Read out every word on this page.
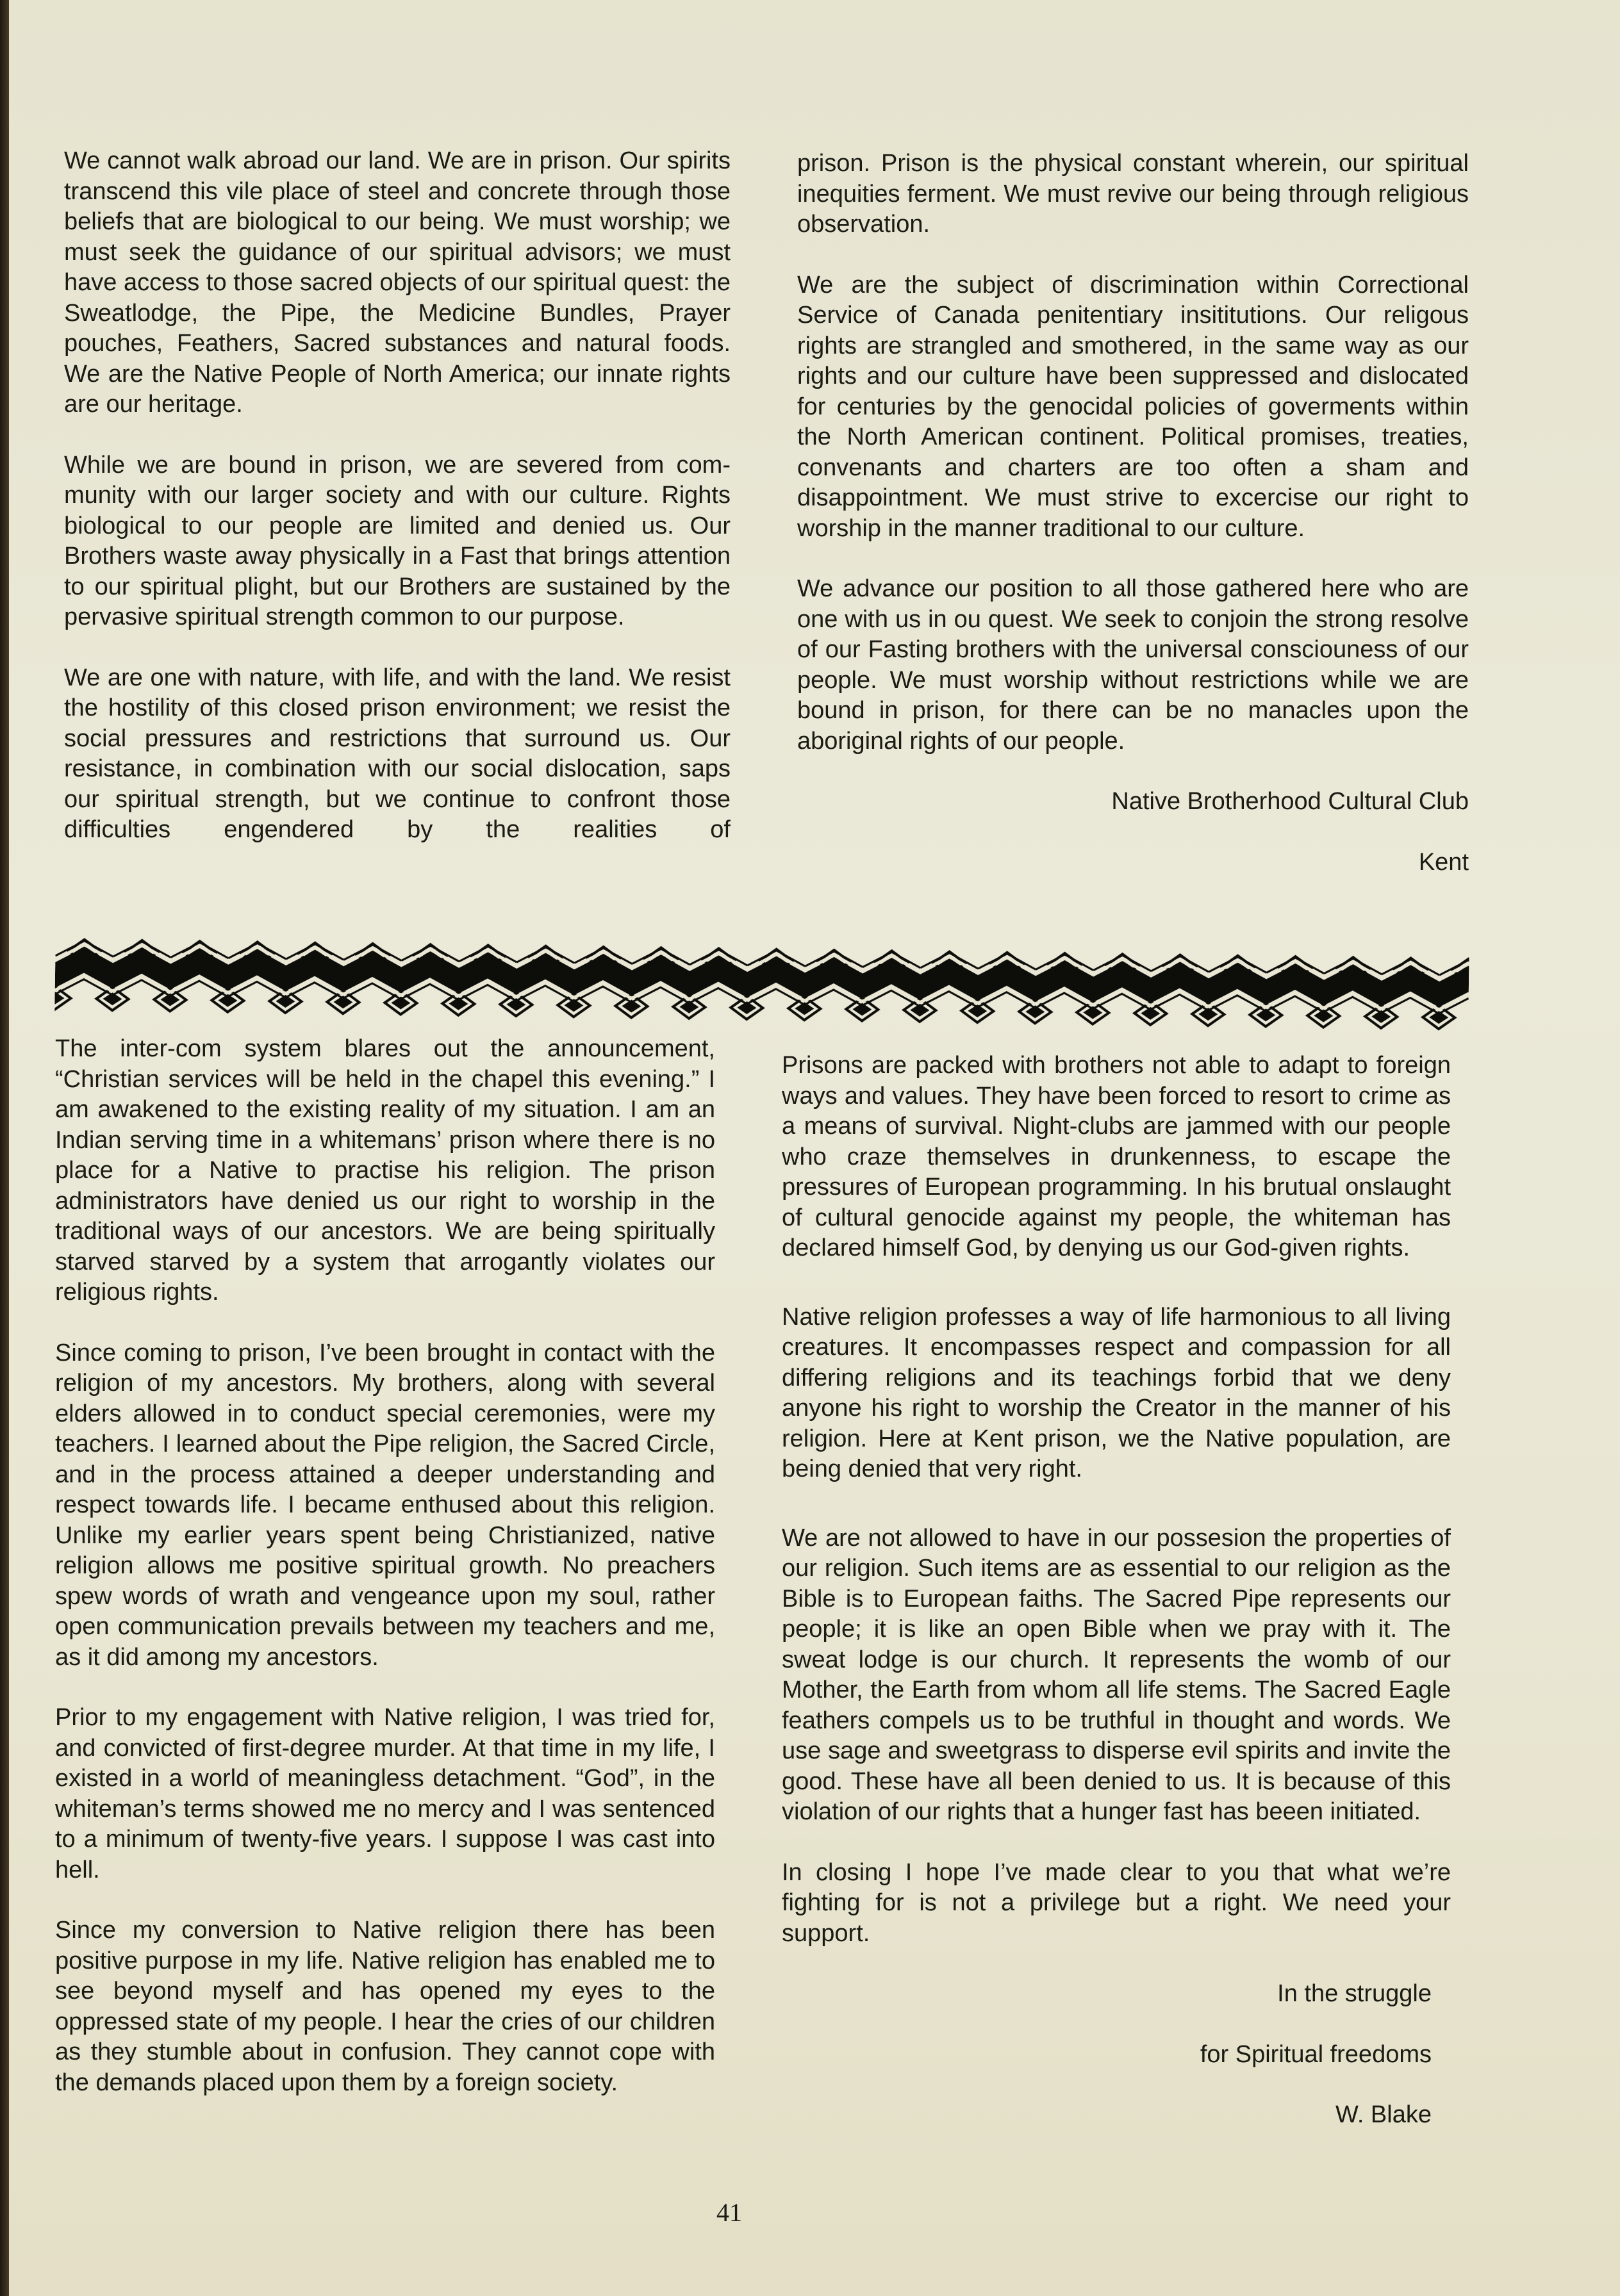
We cannot walk abroad our land. We are in prison. Our spirits transcend this vile place of steel and concrete through those beliefs that are biological to our being. We must worship; we must seek the guidance of our spiritual advisors; we must have access to those sacred objects of our spiritual quest: the Sweatlodge, the Pipe, the Medicine Bundles, Prayer pouches, Feathers, Sacred substances and natural foods. We are the Native People of North America; our innate rights are our heritage.

While we are bound in prison, we are severed from community with our larger society and with our culture. Rights biological to our people are limited and denied us. Our Brothers waste away physically in a Fast that brings attention to our spiritual plight, but our Brothers are sustained by the pervasive spiritual strength common to our purpose.

We are one with nature, with life, and with the land. We resist the hostility of this closed prison environment; we resist the social pressures and restrictions that surround us. Our resistance, in combination with our social dislocation, saps our spiritual strength, but we continue to confront those difficulties engendered by the realities of

prison. Prison is the physical constant wherein, our spiritual inequities ferment. We must revive our being through religious observation.

We are the subject of discrimination within Correctional Service of Canada penitentiary insititutions. Our religous rights are strangled and smothered, in the same way as our rights and our culture have been suppressed and dislocated for centuries by the genocidal policies of goverments within the North American continent. Political promises, treaties, convenants and charters are too often a sham and disappointment. We must strive to excercise our right to worship in the manner traditional to our culture.

We advance our position to all those gathered here who are one with us in ou quest. We seek to conjoin the strong resolve of our Fasting brothers with the universal consciouness of our people. We must worship without restrictions while we are bound in prison, for there can be no manacles upon the aboriginal rights of our people.

Native Brotherhood Cultural Club

Kent

The inter-com system blares out the announcement, “Christian services will be held in the chapel this evening.” I am awakened to the existing reality of my situation. I am an Indian serving time in a whitemans’ prison where there is no place for a Native to practise his religion. The prison administrators have denied us our right to worship in the traditional ways of our ancestors. We are being spiritually starved starved by a system that arrogantly violates our religious rights.

Since coming to prison, I’ve been brought in contact with the religion of my ancestors. My brothers, along with several elders allowed in to conduct special ceremonies, were my teachers. I learned about the Pipe religion, the Sacred Circle, and in the process attained a deeper understanding and respect towards life. I became enthused about this religion. Unlike my earlier years spent being Christianized, native religion allows me positive spiritual growth. No preachers spew words of wrath and vengeance upon my soul, rather open communication prevails between my teachers and me, as it did among my ancestors.

Prior to my engagement with Native religion, I was tried for, and convicted of first-degree murder. At that time in my life, I existed in a world of meaningless detachment. “God”, in the whiteman’s terms showed me no mercy and I was sentenced to a minimum of twenty-five years. I suppose I was cast into hell.

Since my conversion to Native religion there has been positive purpose in my life. Native religion has enabled me to see beyond myself and has opened my eyes to the oppressed state of my people. I hear the cries of our children as they stumble about in confusion. They cannot cope with the demands placed upon them by a foreign society.

Prisons are packed with brothers not able to adapt to foreign ways and values. They have been forced to resort to crime as a means of survival. Night-clubs are jammed with our people who craze themselves in drunkenness, to escape the pressures of European programming. In his brutual onslaught of cultural genocide against my people, the whiteman has declared himself God, by denying us our God-given rights.

Native religion professes a way of life harmonious to all living creatures. It encompasses respect and compassion for all differing religions and its teachings forbid that we deny anyone his right to worship the Creator in the manner of his religion. Here at Kent prison, we the Native population, are being denied that very right.

We are not allowed to have in our possesion the properties of our religion. Such items are as essential to our religion as the Bible is to European faiths. The Sacred Pipe represents our people; it is like an open Bible when we pray with it. The sweat lodge is our church. It represents the womb of our Mother, the Earth from whom all life stems. The Sacred Eagle feathers compels us to be truthful in thought and words. We use sage and sweetgrass to disperse evil spirits and invite the good. These have all been denied to us. It is because of this violation of our rights that a hunger fast has beeen initiated.

In closing I hope I’ve made clear to you that what we’re fighting for is not a privilege but a right. We need your support.

In the struggle

for Spiritual freedoms

W. Blake

41
